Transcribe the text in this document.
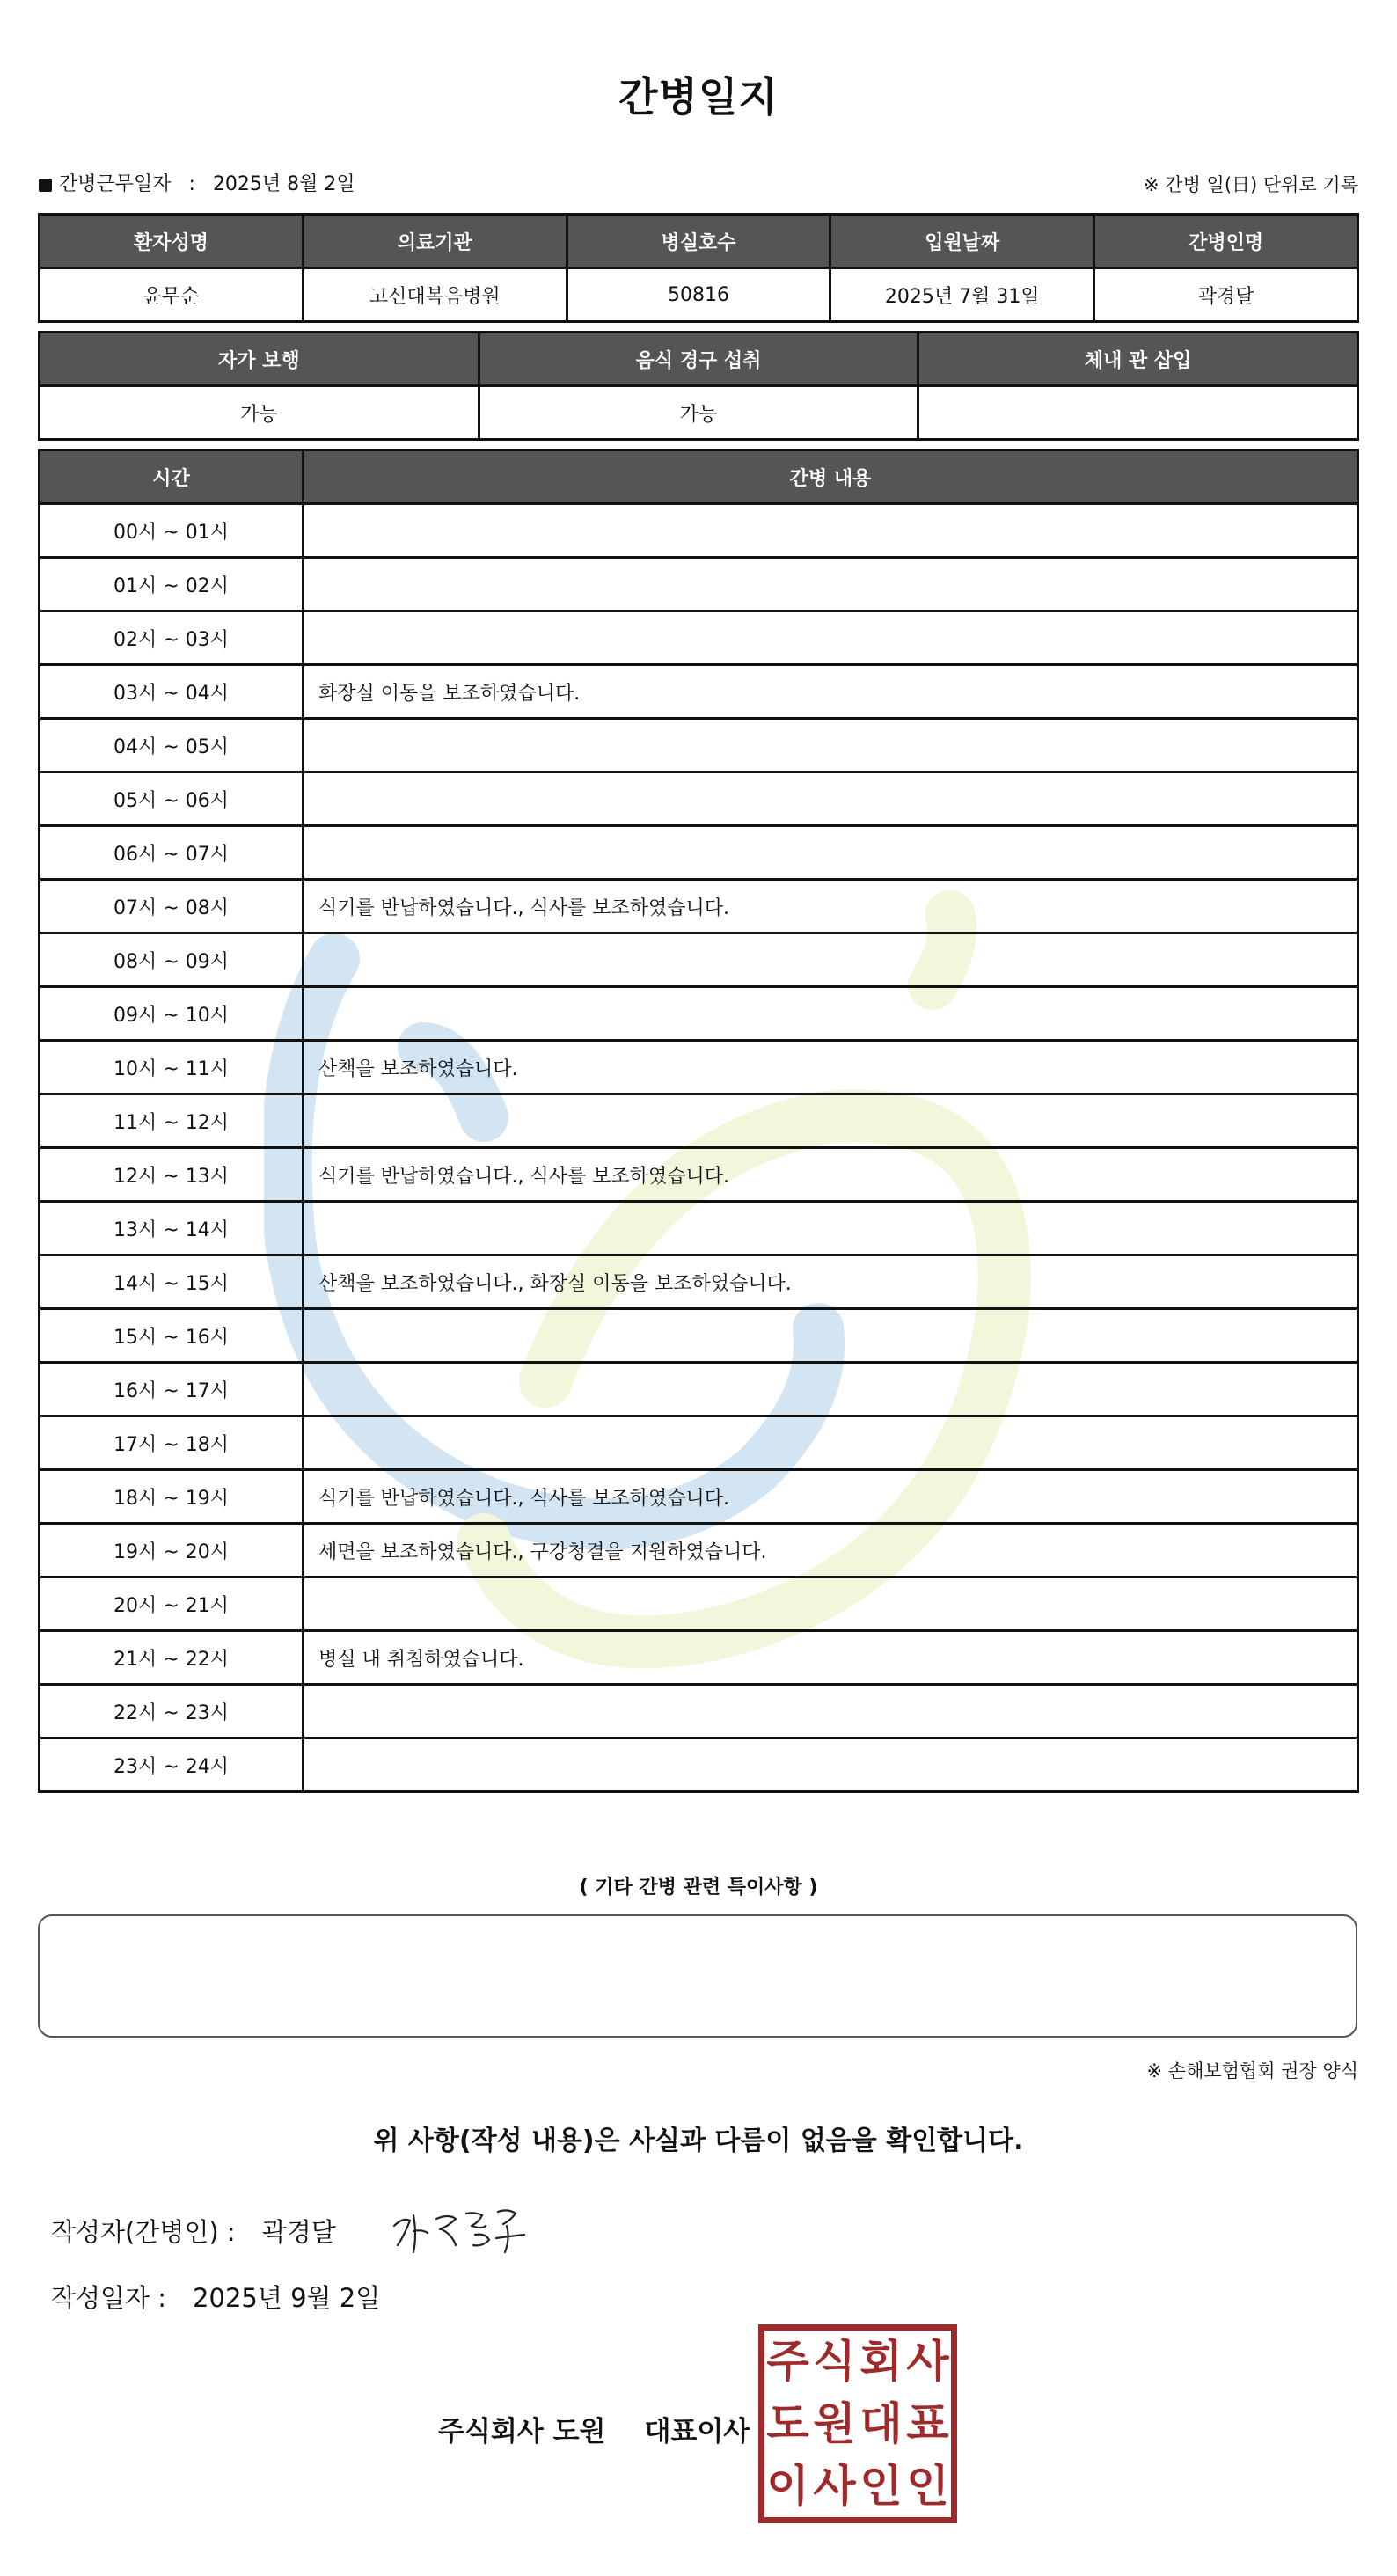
간병일지
간병근무일자 : 2025년 8월 2일	※ 간병 일(日) 단위로 기록
환자성명	의료기관	병실호수	입원날짜	간병인명
윤무순	고신대복음병원	50816	2025년 7월 31일	곽경달
자가 보행	음식 경구 섭취	체내 관 삽입
가능	가능	
시간	간병 내용
00시 ~ 01시	
01시 ~ 02시	
02시 ~ 03시	
03시 ~ 04시	화장실 이동을 보조하였습니다.
04시 ~ 05시	
05시 ~ 06시	
06시 ~ 07시	
07시 ~ 08시	식기를 반납하였습니다., 식사를 보조하였습니다.
08시 ~ 09시	
09시 ~ 10시	
10시 ~ 11시	산책을 보조하였습니다.
11시 ~ 12시	
12시 ~ 13시	식기를 반납하였습니다., 식사를 보조하였습니다.
13시 ~ 14시	
14시 ~ 15시	산책을 보조하였습니다., 화장실 이동을 보조하였습니다.
15시 ~ 16시	
16시 ~ 17시	
17시 ~ 18시	
18시 ~ 19시	식기를 반납하였습니다., 식사를 보조하였습니다.
19시 ~ 20시	세면을 보조하였습니다., 구강청결을 지원하였습니다.
20시 ~ 21시	
21시 ~ 22시	병실 내 취침하였습니다.
22시 ~ 23시	
23시 ~ 24시	
( 기타 간병 관련 특이사항 )
※ 손해보험협회 권장 양식
위 사항(작성 내용)은 사실과 다름이 없음을 확인합니다.
작성자(간병인) : 곽경달
작성일자 : 2025년 9월 2일
주식회사 도원 대표이사
주 식 회 사
도 원 대 표
이 사 인 인
